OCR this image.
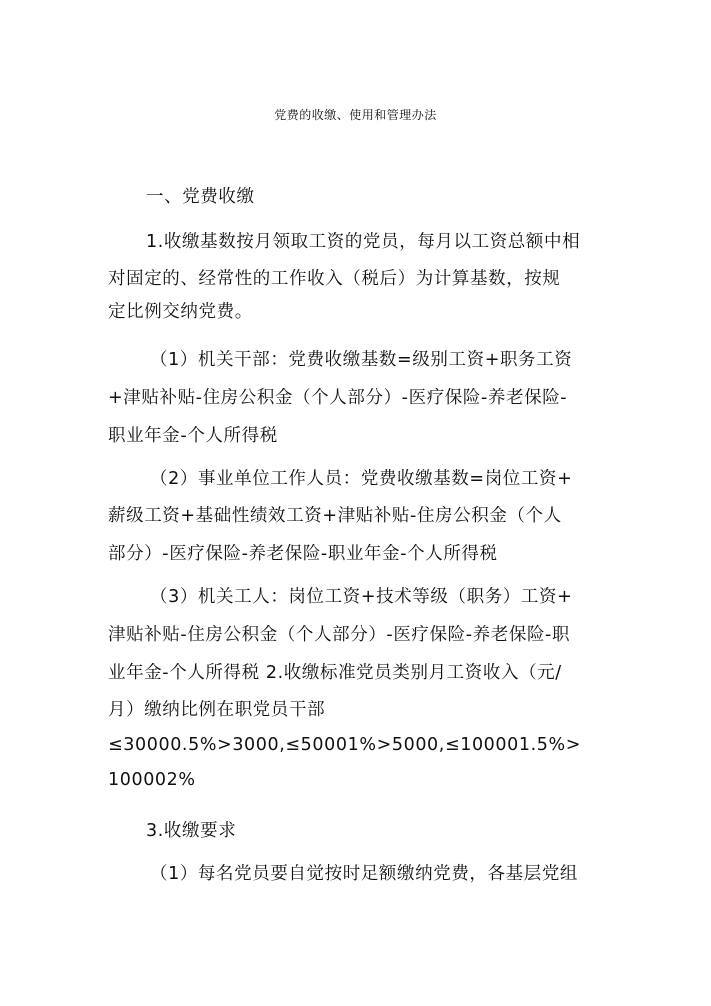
党费的收缴、使用和管理办法
一、党费收缴
1.收缴基数按月领取工资的党员，每月以工资总额中相
对固定的、经常性的工作收入（税后）为计算基数，按规
定比例交纳党费。
（1）机关干部：党费收缴基数=级别工资+职务工资
+津贴补贴-住房公积金（个人部分）-医疗保险-养老保险-
职业年金-个人所得税
（2）事业单位工作人员：党费收缴基数=岗位工资+
薪级工资+基础性绩效工资+津贴补贴-住房公积金（个人
部分）-医疗保险-养老保险-职业年金-个人所得税
（3）机关工人：岗位工资+技术等级（职务）工资+
津贴补贴-住房公积金（个人部分）-医疗保险-养老保险-职
业年金-个人所得税 2.收缴标准党员类别月工资收入（元/
月）缴纳比例在职党员干部
≤30000.5%>3000,≤50001%>5000,≤100001.5%>
100002%
3.收缴要求
（1）每名党员要自觉按时足额缴纳党费，各基层党组
